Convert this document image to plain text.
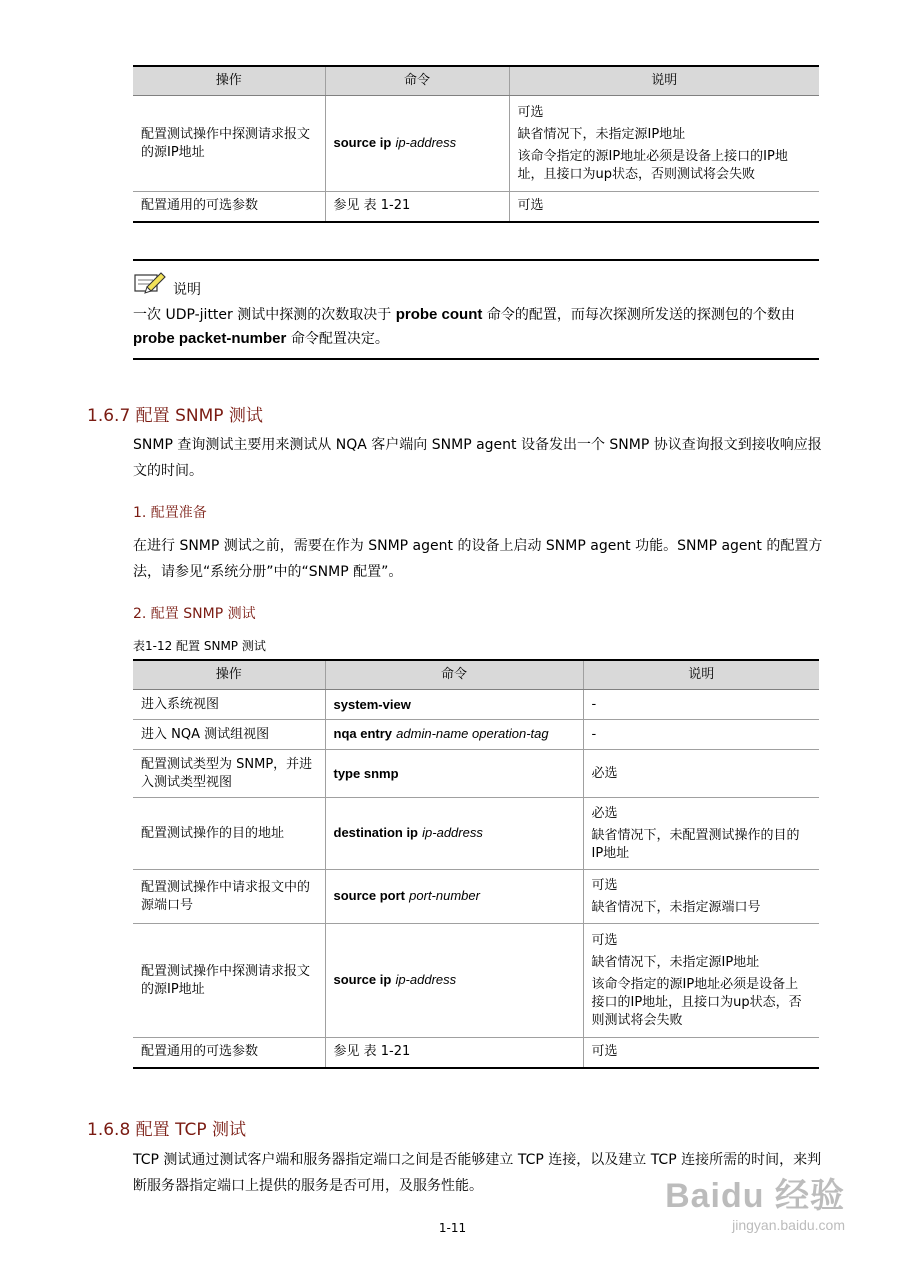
操作	命令	说明
配置测试操作中探测请求报文的源IP地址	source ip ip-address	可选

缺省情况下，未指定源IP地址

该命令指定的源IP地址必须是设备上接口的IP地址，且接口为up状态，否则测试将会失败

配置通用的可选参数	参见 表 1-21	可选
说明
一次 UDP-jitter 测试中探测的次数取决于 probe count 命令的配置，而每次探测所发送的探测包的个数由 probe packet-number 命令配置决定。
1.6.7 配置 SNMP 测试
SNMP 查询测试主要用来测试从 NQA 客户端向 SNMP agent 设备发出一个 SNMP 协议查询报文到接收响应报文的时间。
1. 配置准备
在进行 SNMP 测试之前，需要在作为 SNMP agent 的设备上启动 SNMP agent 功能。SNMP agent 的配置方法，请参见“系统分册”中的“SNMP 配置”。
2. 配置 SNMP 测试
表1-12 配置 SNMP 测试
操作	命令	说明
进入系统视图	system-view	-
进入 NQA 测试组视图	nqa entry admin-name operation-tag	-
配置测试类型为 SNMP，并进入测试类型视图	type snmp	必选
配置测试操作的目的地址	destination ip ip-address	必选

缺省情况下，未配置测试操作的目的IP地址

配置测试操作中请求报文中的源端口号	source port port-number	可选

缺省情况下，未指定源端口号

配置测试操作中探测请求报文的源IP地址	source ip ip-address	可选

缺省情况下，未指定源IP地址

该命令指定的源IP地址必须是设备上接口的IP地址，且接口为up状态，否则测试将会失败

配置通用的可选参数	参见 表 1-21	可选
1.6.8 配置 TCP 测试
TCP 测试通过测试客户端和服务器指定端口之间是否能够建立 TCP 连接，以及建立 TCP 连接所需的时间，来判断服务器指定端口上提供的服务是否可用，及服务性能。
1-11
Baidu 经验
jingyan.baidu.com
